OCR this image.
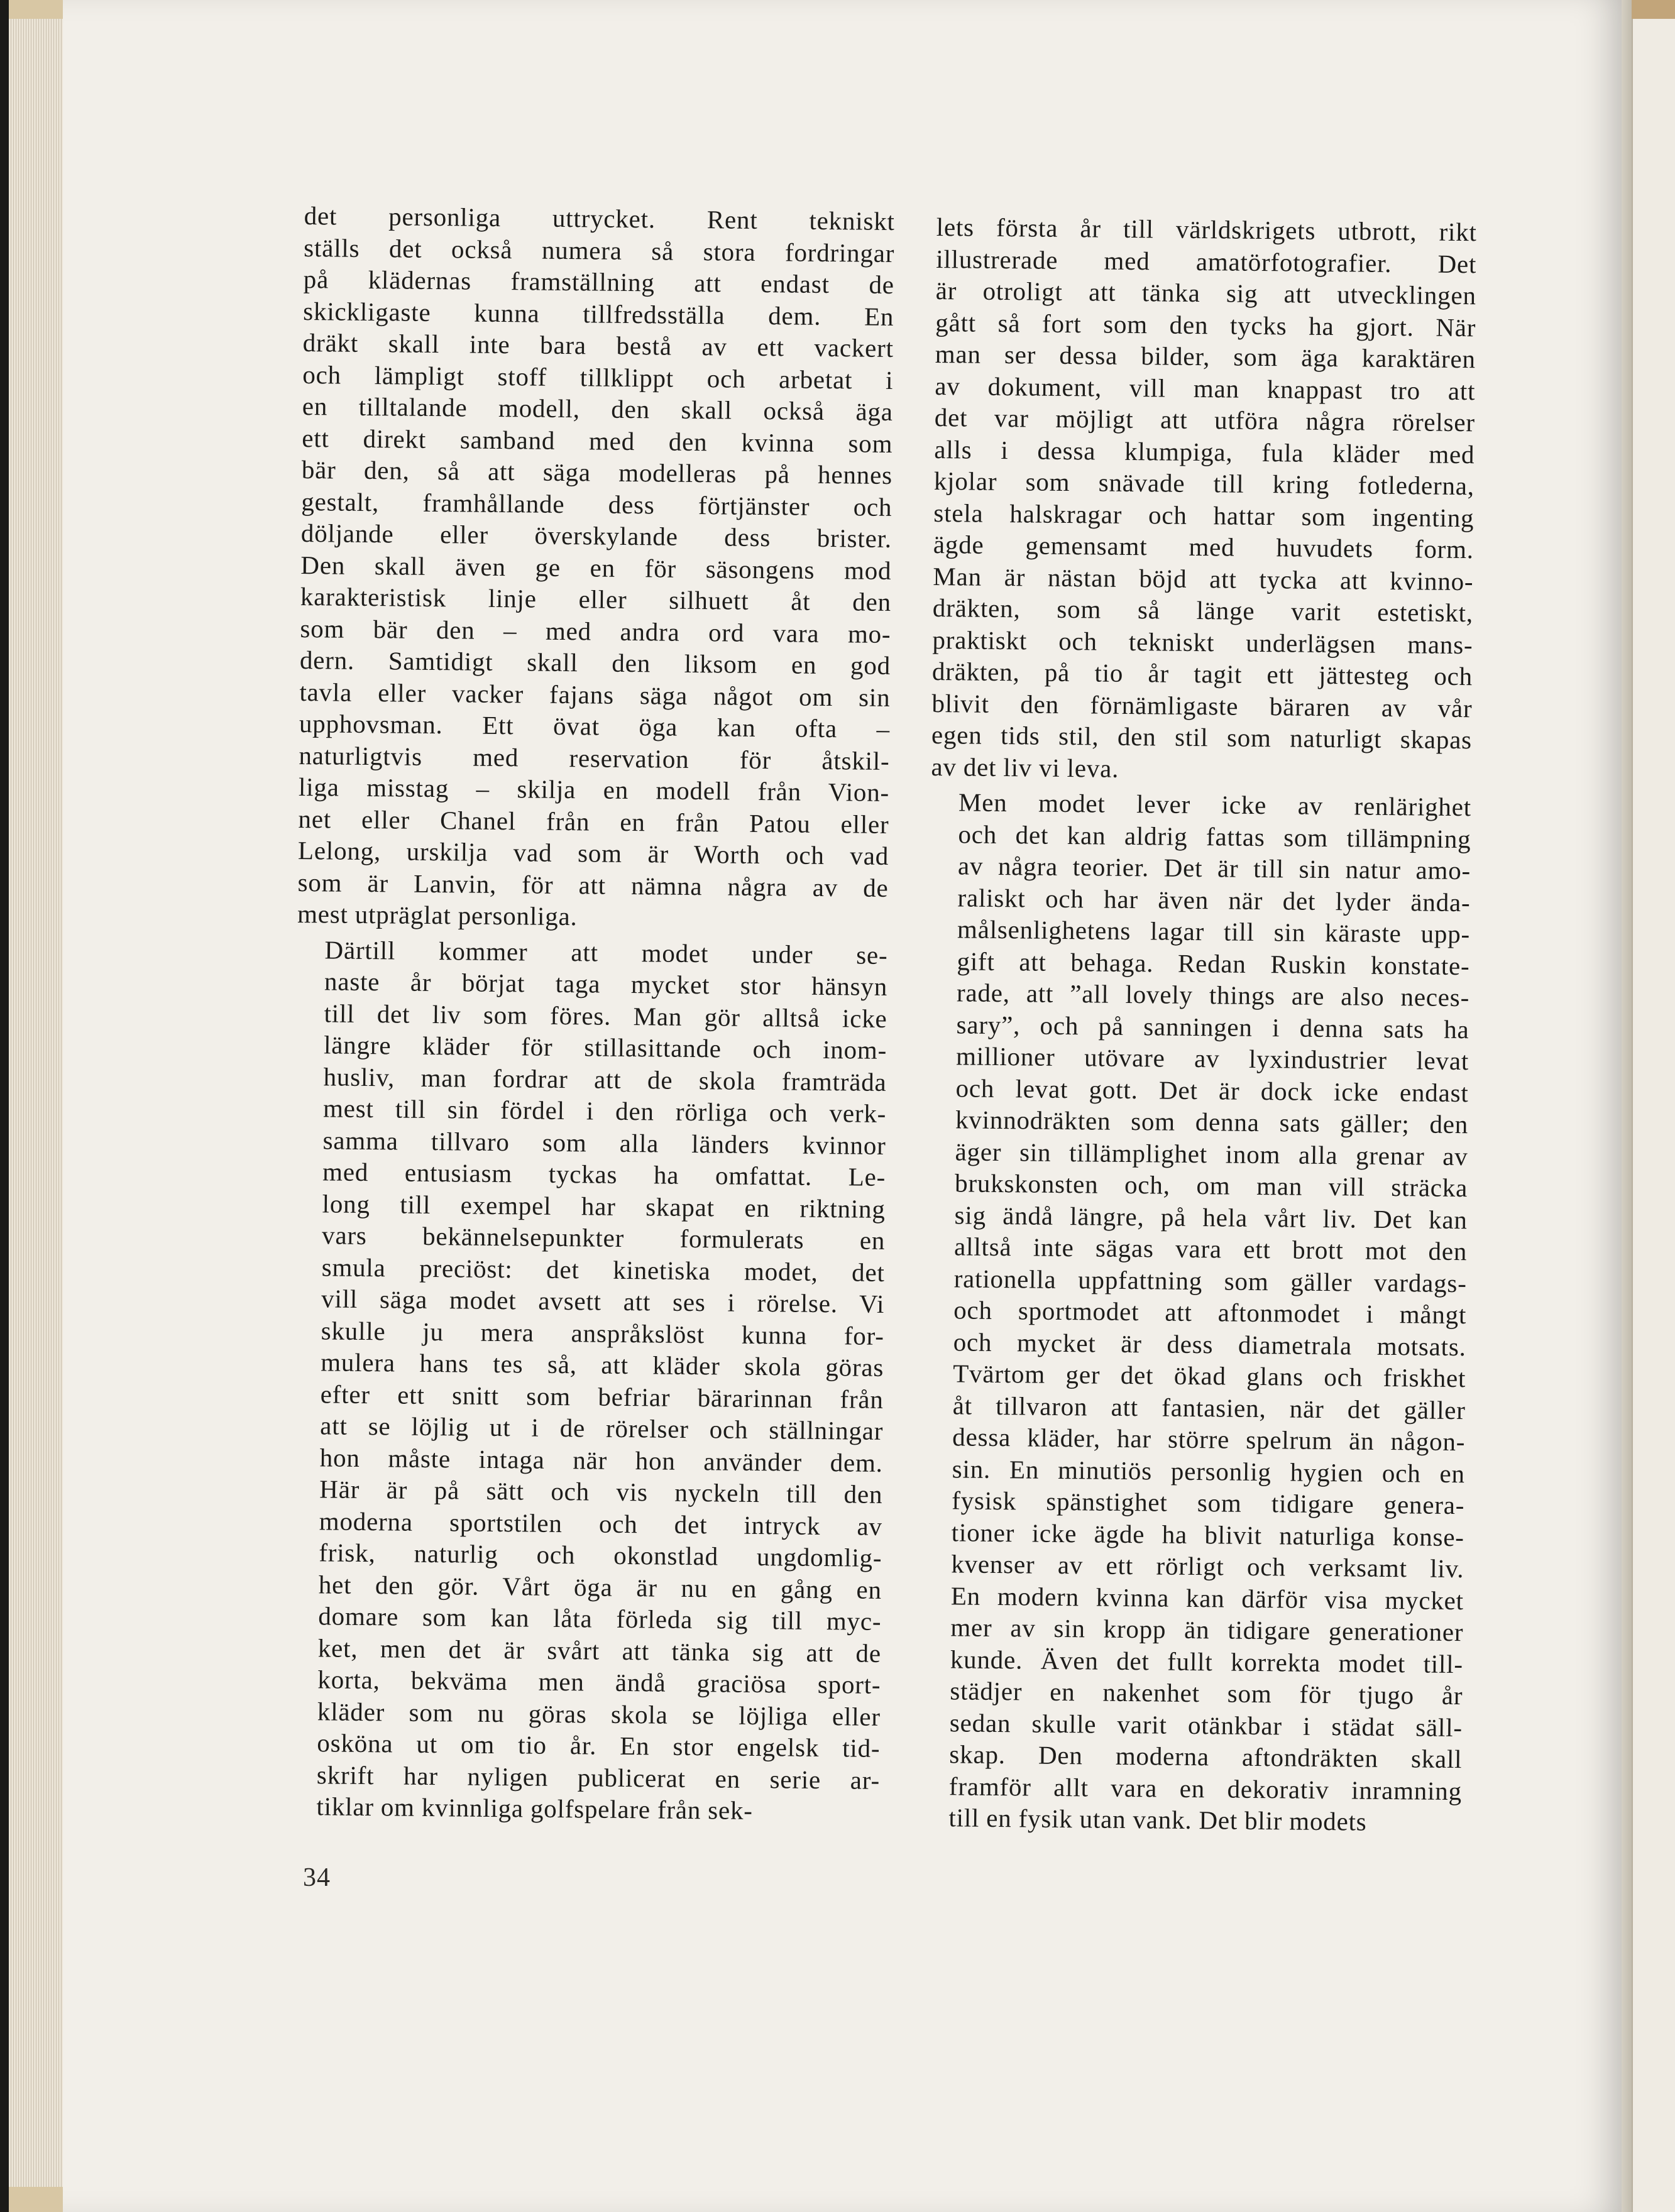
det personliga uttrycket. Rent tekniskt
ställs det också numera så stora fordringar
på klädernas framställning att endast de
skickligaste kunna tillfredsställa dem. En
dräkt skall inte bara bestå av ett vackert
och lämpligt stoff tillklippt och arbetat i
en tilltalande modell, den skall också äga
ett direkt samband med den kvinna som
bär den, så att säga modelleras på hennes
gestalt, framhållande dess förtjänster och
döljande eller överskylande dess brister.
Den skall även ge en för säsongens mod
karakteristisk linje eller silhuett åt den
som bär den – med andra ord vara mo-
dern. Samtidigt skall den liksom en god
tavla eller vacker fajans säga något om sin
upphovsman. Ett övat öga kan ofta –
naturligtvis med reservation för åtskil-
liga misstag – skilja en modell från Vion-
net eller Chanel från en från Patou eller
Lelong, urskilja vad som är Worth och vad
som är Lanvin, för att nämna några av de
mest utpräglat personliga.

Därtill kommer att modet under se-
naste år börjat taga mycket stor hänsyn
till det liv som föres. Man gör alltså icke
längre kläder för stillasittande och inom-
husliv, man fordrar att de skola framträda
mest till sin fördel i den rörliga och verk-
samma tillvaro som alla länders kvinnor
med entusiasm tyckas ha omfattat. Le-
long till exempel har skapat en riktning
vars bekännelsepunkter formulerats en
smula preciöst: det kinetiska modet, det
vill säga modet avsett att ses i rörelse. Vi
skulle ju mera anspråkslöst kunna for-
mulera hans tes så, att kläder skola göras
efter ett snitt som befriar bärarinnan från
att se löjlig ut i de rörelser och ställningar
hon måste intaga när hon använder dem.
Här är på sätt och vis nyckeln till den
moderna sportstilen och det intryck av
frisk, naturlig och okonstlad ungdomlig-
het den gör. Vårt öga är nu en gång en
domare som kan låta förleda sig till myc-
ket, men det är svårt att tänka sig att de
korta, bekväma men ändå graciösa sport-
kläder som nu göras skola se löjliga eller
osköna ut om tio år. En stor engelsk tid-
skrift har nyligen publicerat en serie ar-
tiklar om kvinnliga golfspelare från sek-

lets första år till världskrigets utbrott, rikt
illustrerade med amatörfotografier. Det
är otroligt att tänka sig att utvecklingen
gått så fort som den tycks ha gjort. När
man ser dessa bilder, som äga karaktären
av dokument, vill man knappast tro att
det var möjligt att utföra några rörelser
alls i dessa klumpiga, fula kläder med
kjolar som snävade till kring fotlederna,
stela halskragar och hattar som ingenting
ägde gemensamt med huvudets form.
Man är nästan böjd att tycka att kvinno-
dräkten, som så länge varit estetiskt,
praktiskt och tekniskt underlägsen mans-
dräkten, på tio år tagit ett jättesteg och
blivit den förnämligaste bäraren av vår
egen tids stil, den stil som naturligt skapas
av det liv vi leva.

Men modet lever icke av renlärighet
och det kan aldrig fattas som tillämpning
av några teorier. Det är till sin natur amo-
raliskt och har även när det lyder ända-
målsenlighetens lagar till sin käraste upp-
gift att behaga. Redan Ruskin konstate-
rade, att ”all lovely things are also neces-
sary”, och på sanningen i denna sats ha
millioner utövare av lyxindustrier levat
och levat gott. Det är dock icke endast
kvinnodräkten som denna sats gäller; den
äger sin tillämplighet inom alla grenar av
brukskonsten och, om man vill sträcka
sig ändå längre, på hela vårt liv. Det kan
alltså inte sägas vara ett brott mot den
rationella uppfattning som gäller vardags-
och sportmodet att aftonmodet i mångt
och mycket är dess diametrala motsats.
Tvärtom ger det ökad glans och friskhet
åt tillvaron att fantasien, när det gäller
dessa kläder, har större spelrum än någon-
sin. En minutiös personlig hygien och en
fysisk spänstighet som tidigare genera-
tioner icke ägde ha blivit naturliga konse-
kvenser av ett rörligt och verksamt liv.
En modern kvinna kan därför visa mycket
mer av sin kropp än tidigare generationer
kunde. Även det fullt korrekta modet till-
städjer en nakenhet som för tjugo år
sedan skulle varit otänkbar i städat säll-
skap. Den moderna aftondräkten skall
framför allt vara en dekorativ inramning
till en fysik utan vank. Det blir modets

34
